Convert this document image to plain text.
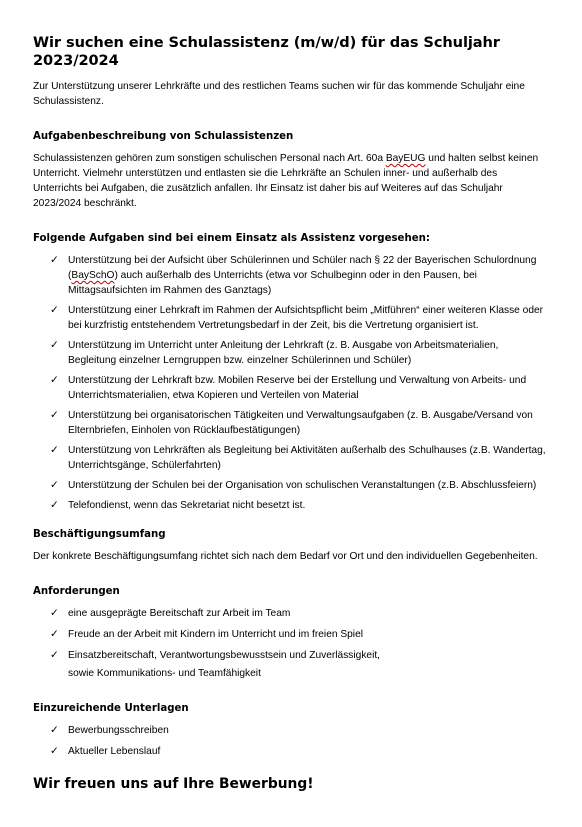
Wir suchen eine Schulassistenz (m/w/d) für das Schuljahr 2023/2024

Zur Unterstützung unserer Lehrkräfte und des restlichen Teams suchen wir für das kommende Schuljahr eine Schulassistenz.

Aufgabenbeschreibung von Schulassistenzen

Schulassistenzen gehören zum sonstigen schulischen Personal nach Art. 60a BayEUG und halten selbst keinen Unterricht. Vielmehr unterstützen und entlasten sie die Lehrkräfte an Schulen inner- und außerhalb des Unterrichts bei Aufgaben, die zusätzlich anfallen. Ihr Einsatz ist daher bis auf Weiteres auf das Schuljahr 2023/2024 beschränkt.

Folgende Aufgaben sind bei einem Einsatz als Assistenz vorgesehen:
✓ Unterstützung bei der Aufsicht über Schülerinnen und Schüler nach § 22 der Bayerischen Schulordnung (BaySchO) auch außerhalb des Unterrichts (etwa vor Schulbeginn oder in den Pausen, bei Mittagsaufsichten im Rahmen des Ganztags)
✓ Unterstützung einer Lehrkraft im Rahmen der Aufsichtspflicht beim „Mitführen“ einer weiteren Klasse oder bei kurzfristig entstehendem Vertretungsbedarf in der Zeit, bis die Vertretung organisiert ist.
✓ Unterstützung im Unterricht unter Anleitung der Lehrkraft (z. B. Ausgabe von Arbeitsmaterialien, Begleitung einzelner Lerngruppen bzw. einzelner Schülerinnen und Schüler)
✓ Unterstützung der Lehrkraft bzw. Mobilen Reserve bei der Erstellung und Verwaltung von Arbeits- und Unterrichtsmaterialien, etwa Kopieren und Verteilen von Material
✓ Unterstützung bei organisatorischen Tätigkeiten und Verwaltungsaufgaben (z. B. Ausgabe/Versand von Elternbriefen, Einholen von Rücklaufbestätigungen)
✓ Unterstützung von Lehrkräften als Begleitung bei Aktivitäten außerhalb des Schulhauses (z.B. Wandertag, Unterrichtsgänge, Schülerfahrten)
✓ Unterstützung der Schulen bei der Organisation von schulischen Veranstaltungen (z.B. Abschlussfeiern)
✓ Telefondienst, wenn das Sekretariat nicht besetzt ist.
Beschäftigungsumfang

Der konkrete Beschäftigungsumfang richtet sich nach dem Bedarf vor Ort und den individuellen Gegebenheiten.

Anforderungen
✓ eine ausgeprägte Bereitschaft zur Arbeit im Team
✓ Freude an der Arbeit mit Kindern im Unterricht und im freien Spiel
✓ Einsatzbereitschaft, Verantwortungsbewusstsein und Zuverlässigkeit,
sowie Kommunikations- und Teamfähigkeit
Einzureichende Unterlagen
✓ Bewerbungsschreiben
✓ Aktueller Lebenslauf

Wir freuen uns auf Ihre Bewerbung!
